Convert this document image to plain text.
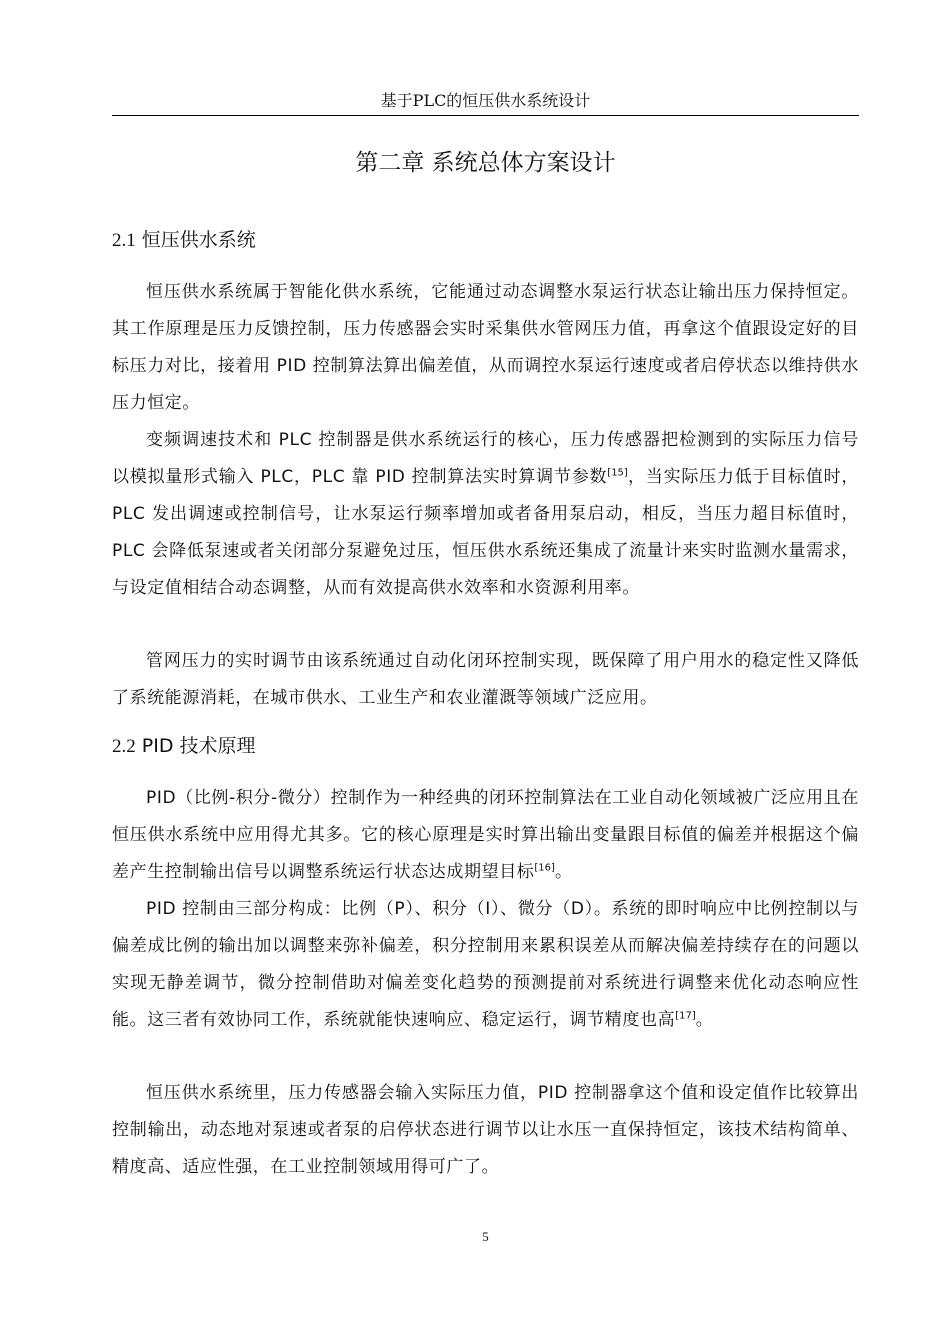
基于PLC的恒压供水系统设计
第二章 系统总体方案设计
2.1 恒压供水系统

恒压供水系统属于智能化供水系统，它能通过动态调整水泵运行状态让输出压力保持恒定。其工作原理是压力反馈控制，压力传感器会实时采集供水管网压力值，再拿这个值跟设定好的目标压力对比，接着用 PID 控制算法算出偏差值，从而调控水泵运行速度或者启停状态以维持供水压力恒定。

变频调速技术和 PLC 控制器是供水系统运行的核心，压力传感器把检测到的实际压力信号以模拟量形式输入 PLC，PLC 靠 PID 控制算法实时算调节参数[15]，当实际压力低于目标值时，PLC 发出调速或控制信号，让水泵运行频率增加或者备用泵启动，相反，当压力超目标值时，PLC 会降低泵速或者关闭部分泵避免过压，恒压供水系统还集成了流量计来实时监测水量需求，与设定值相结合动态调整，从而有效提高供水效率和水资源利用率。

管网压力的实时调节由该系统通过自动化闭环控制实现，既保障了用户用水的稳定性又降低了系统能源消耗，在城市供水、工业生产和农业灌溉等领域广泛应用。

2.2 PID 技术原理

PID（比例-积分-微分）控制作为一种经典的闭环控制算法在工业自动化领域被广泛应用且在恒压供水系统中应用得尤其多。它的核心原理是实时算出输出变量跟目标值的偏差并根据这个偏差产生控制输出信号以调整系统运行状态达成期望目标[16]。

PID 控制由三部分构成：比例（P）、积分（I）、微分（D）。系统的即时响应中比例控制以与偏差成比例的输出加以调整来弥补偏差，积分控制用来累积误差从而解决偏差持续存在的问题以实现无静差调节，微分控制借助对偏差变化趋势的预测提前对系统进行调整来优化动态响应性能。这三者有效协同工作，系统就能快速响应、稳定运行，调节精度也高[17]。

恒压供水系统里，压力传感器会输入实际压力值，PID 控制器拿这个值和设定值作比较算出控制输出，动态地对泵速或者泵的启停状态进行调节以让水压一直保持恒定，该技术结构简单、精度高、适应性强，在工业控制领域用得可广了。

5
